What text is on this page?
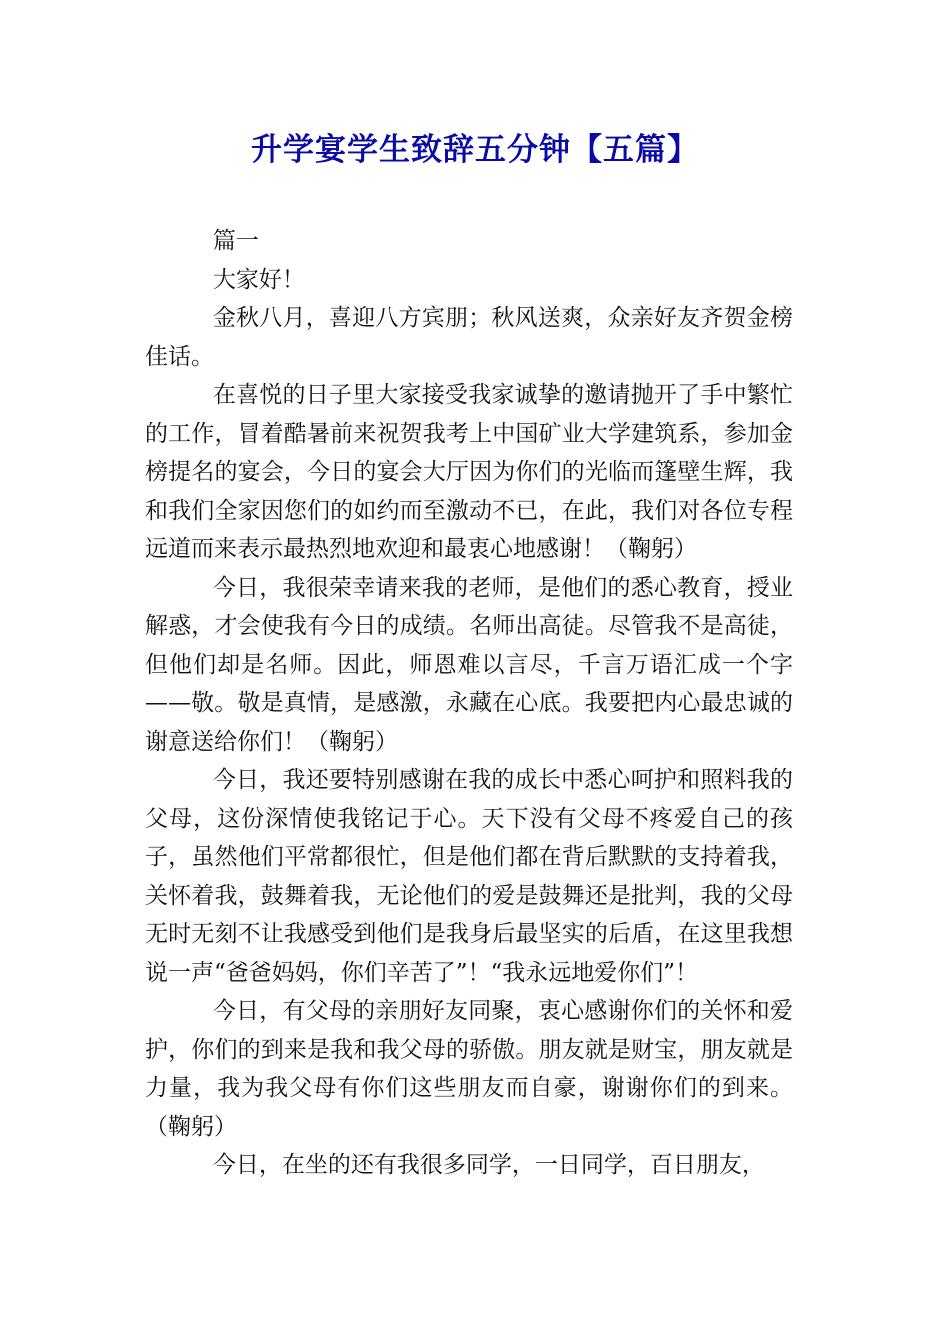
升学宴学生致辞五分钟【五篇】

篇一

大家好！

金秋八月，喜迎八方宾朋；秋风送爽，众亲好友齐贺金榜佳话。

在喜悦的日子里大家接受我家诚挚的邀请抛开了手中繁忙的工作，冒着酷暑前来祝贺我考上中国矿业大学建筑系，参加金榜提名的宴会，今日的宴会大厅因为你们的光临而篷壁生辉，我和我们全家因您们的如约而至激动不已，在此，我们对各位专程远道而来表示最热烈地欢迎和最衷心地感谢！（鞠躬）

今日，我很荣幸请来我的老师，是他们的悉心教育，授业解惑，才会使我有今日的成绩。名师出高徒。尽管我不是高徒，但他们却是名师。因此，师恩难以言尽，千言万语汇成一个字——敬。敬是真情，是感激，永藏在心底。我要把内心最忠诚的谢意送给你们！（鞠躬）

今日，我还要特别感谢在我的成长中悉心呵护和照料我的父母，这份深情使我铭记于心。天下没有父母不疼爱自己的孩子，虽然他们平常都很忙，但是他们都在背后默默的支持着我，关怀着我，鼓舞着我，无论他们的爱是鼓舞还是批判，我的父母无时无刻不让我感受到他们是我身后最坚实的后盾，在这里我想说一声“爸爸妈妈，你们辛苦了”！“我永远地爱你们”！

今日，有父母的亲朋好友同聚，衷心感谢你们的关怀和爱护，你们的到来是我和我父母的骄傲。朋友就是财宝，朋友就是力量，我为我父母有你们这些朋友而自豪，谢谢你们的到来。（鞠躬）

今日，在坐的还有我很多同学，一日同学，百日朋友，
